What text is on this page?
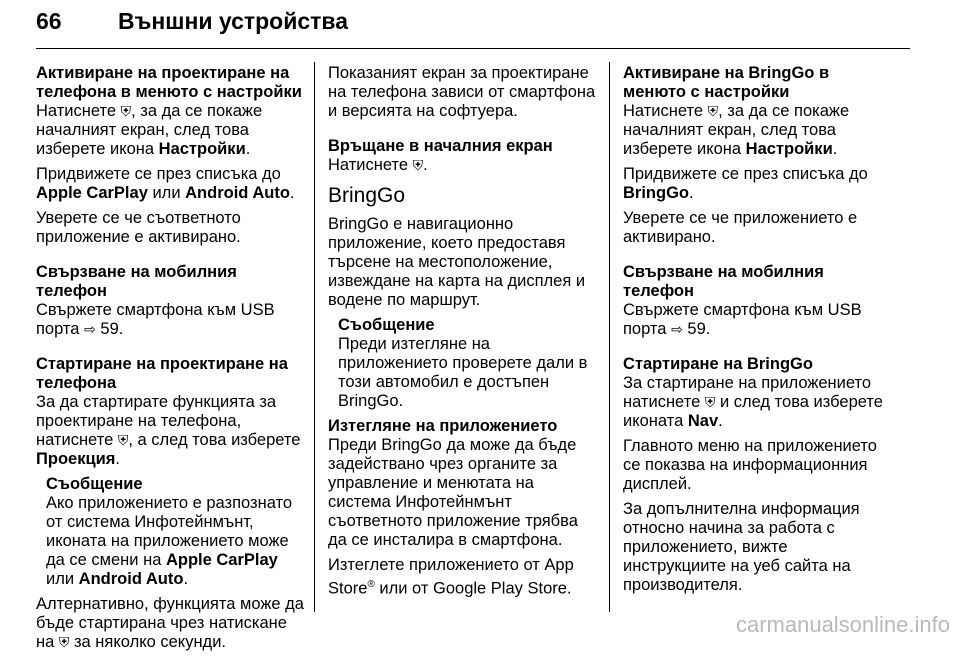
66	Външни устройства

Активиране на проектиране на телефона в менюто с настройки

Натиснете ⛨, за да се покаже началният екран, след това изберете икона Настройки.

Придвижете се през списъка до Apple CarPlay или Android Auto.

Уверете се че съответното приложение е активирано.

Свързване на мобилния телефон

Свържете смартфона към USB порта ⇨ 59.

Стартиране на проектиране на телефона

За да стартирате функцията за проектиране на телефона, натиснете ⛨, а след това изберете Проекция.

Съобщение
Ако приложението е разпознато от система Инфотейнмънт, иконата на приложението може да се смени на Apple CarPlay или Android Auto.

Алтернативно, функцията може да бъде стартирана чрез натискане на ⛨ за няколко секунди.

Показаният екран за проектиране на телефона зависи от смартфона и версията на софтуера.

Връщане в началния екран

Натиснете ⛨.

BringGo

BringGo е навигационно приложение, което предоставя търсене на местоположение, извеждане на карта на дисплея и водене по маршрут.

Съобщение
Преди изтегляне на приложението проверете дали в този автомобил е достъпен BringGo.

Изтегляне на приложението

Преди BringGo да може да бъде задействано чрез органите за управление и менютата на система Инфотейнмънт съответното приложение трябва да се инсталира в смартфона.

Изтеглете приложението от App Store® или от Google Play Store.

Активиране на BringGo в менюто с настройки

Натиснете ⛨, за да се покаже началният екран, след това изберете икона Настройки.

Придвижете се през списъка до BringGo.

Уверете се че приложението е активирано.

Свързване на мобилния телефон

Свържете смартфона към USB порта ⇨ 59.

Стартиране на BringGo

За стартиране на приложението натиснете ⛨ и след това изберете иконата Nav.

Главното меню на приложението се показва на информационния дисплей.

За допълнителна информация относно начина за работа с приложението, вижте инструкциите на уеб сайта на производителя.

carmanualsonline.info
